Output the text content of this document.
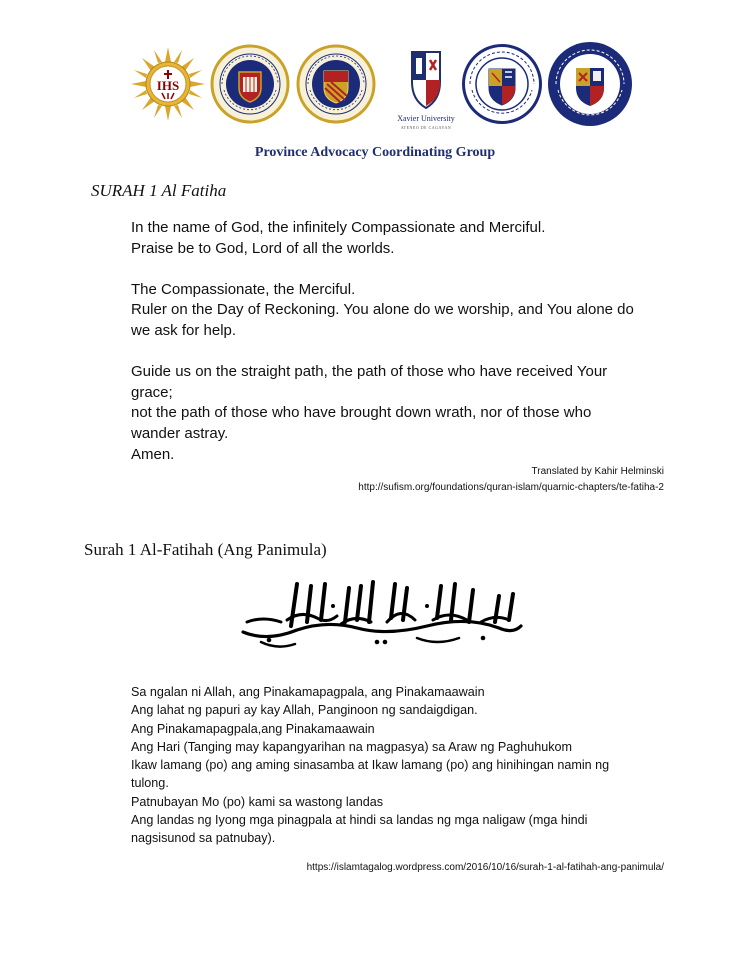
IHS
Xavier University
ATENEO DE CAGAYAN
Province Advocacy Coordinating Group
SURAH 1 Al Fatiha

In the name of God, the infinitely Compassionate and Merciful.

Praise be to God, Lord of all the worlds.

The Compassionate, the Merciful.

Ruler on the Day of Reckoning. You alone do we worship, and You alone do

we ask for help.

Guide us on the straight path, the path of those who have received Your

grace;

not the path of those who have brought down wrath, nor of those who

wander astray.

Amen.

Translated by Kahir Helminski
http://sufism.org/foundations/quran-islam/quarnic-chapters/te-fatiha-2
Surah 1 Al-Fatihah (Ang Panimula)

Sa ngalan ni Allah, ang Pinakamapagpala, ang Pinakamaawain

Ang lahat ng papuri ay kay Allah, Panginoon ng sandaigdigan.

Ang Pinakamapagpala,ang Pinakamaawain

Ang Hari (Tanging may kapangyarihan na magpasya) sa Araw ng Paghuhukom

Ikaw lamang (po) ang aming sinasamba at Ikaw lamang (po) ang hinihingan namin ng

tulong.

Patnubayan Mo (po) kami sa wastong landas

Ang landas ng Iyong mga pinagpala at hindi sa landas ng mga naligaw (mga hindi

nagsisunod sa patnubay).

https://islamtagalog.wordpress.com/2016/10/16/surah-1-al-fatihah-ang-panimula/
